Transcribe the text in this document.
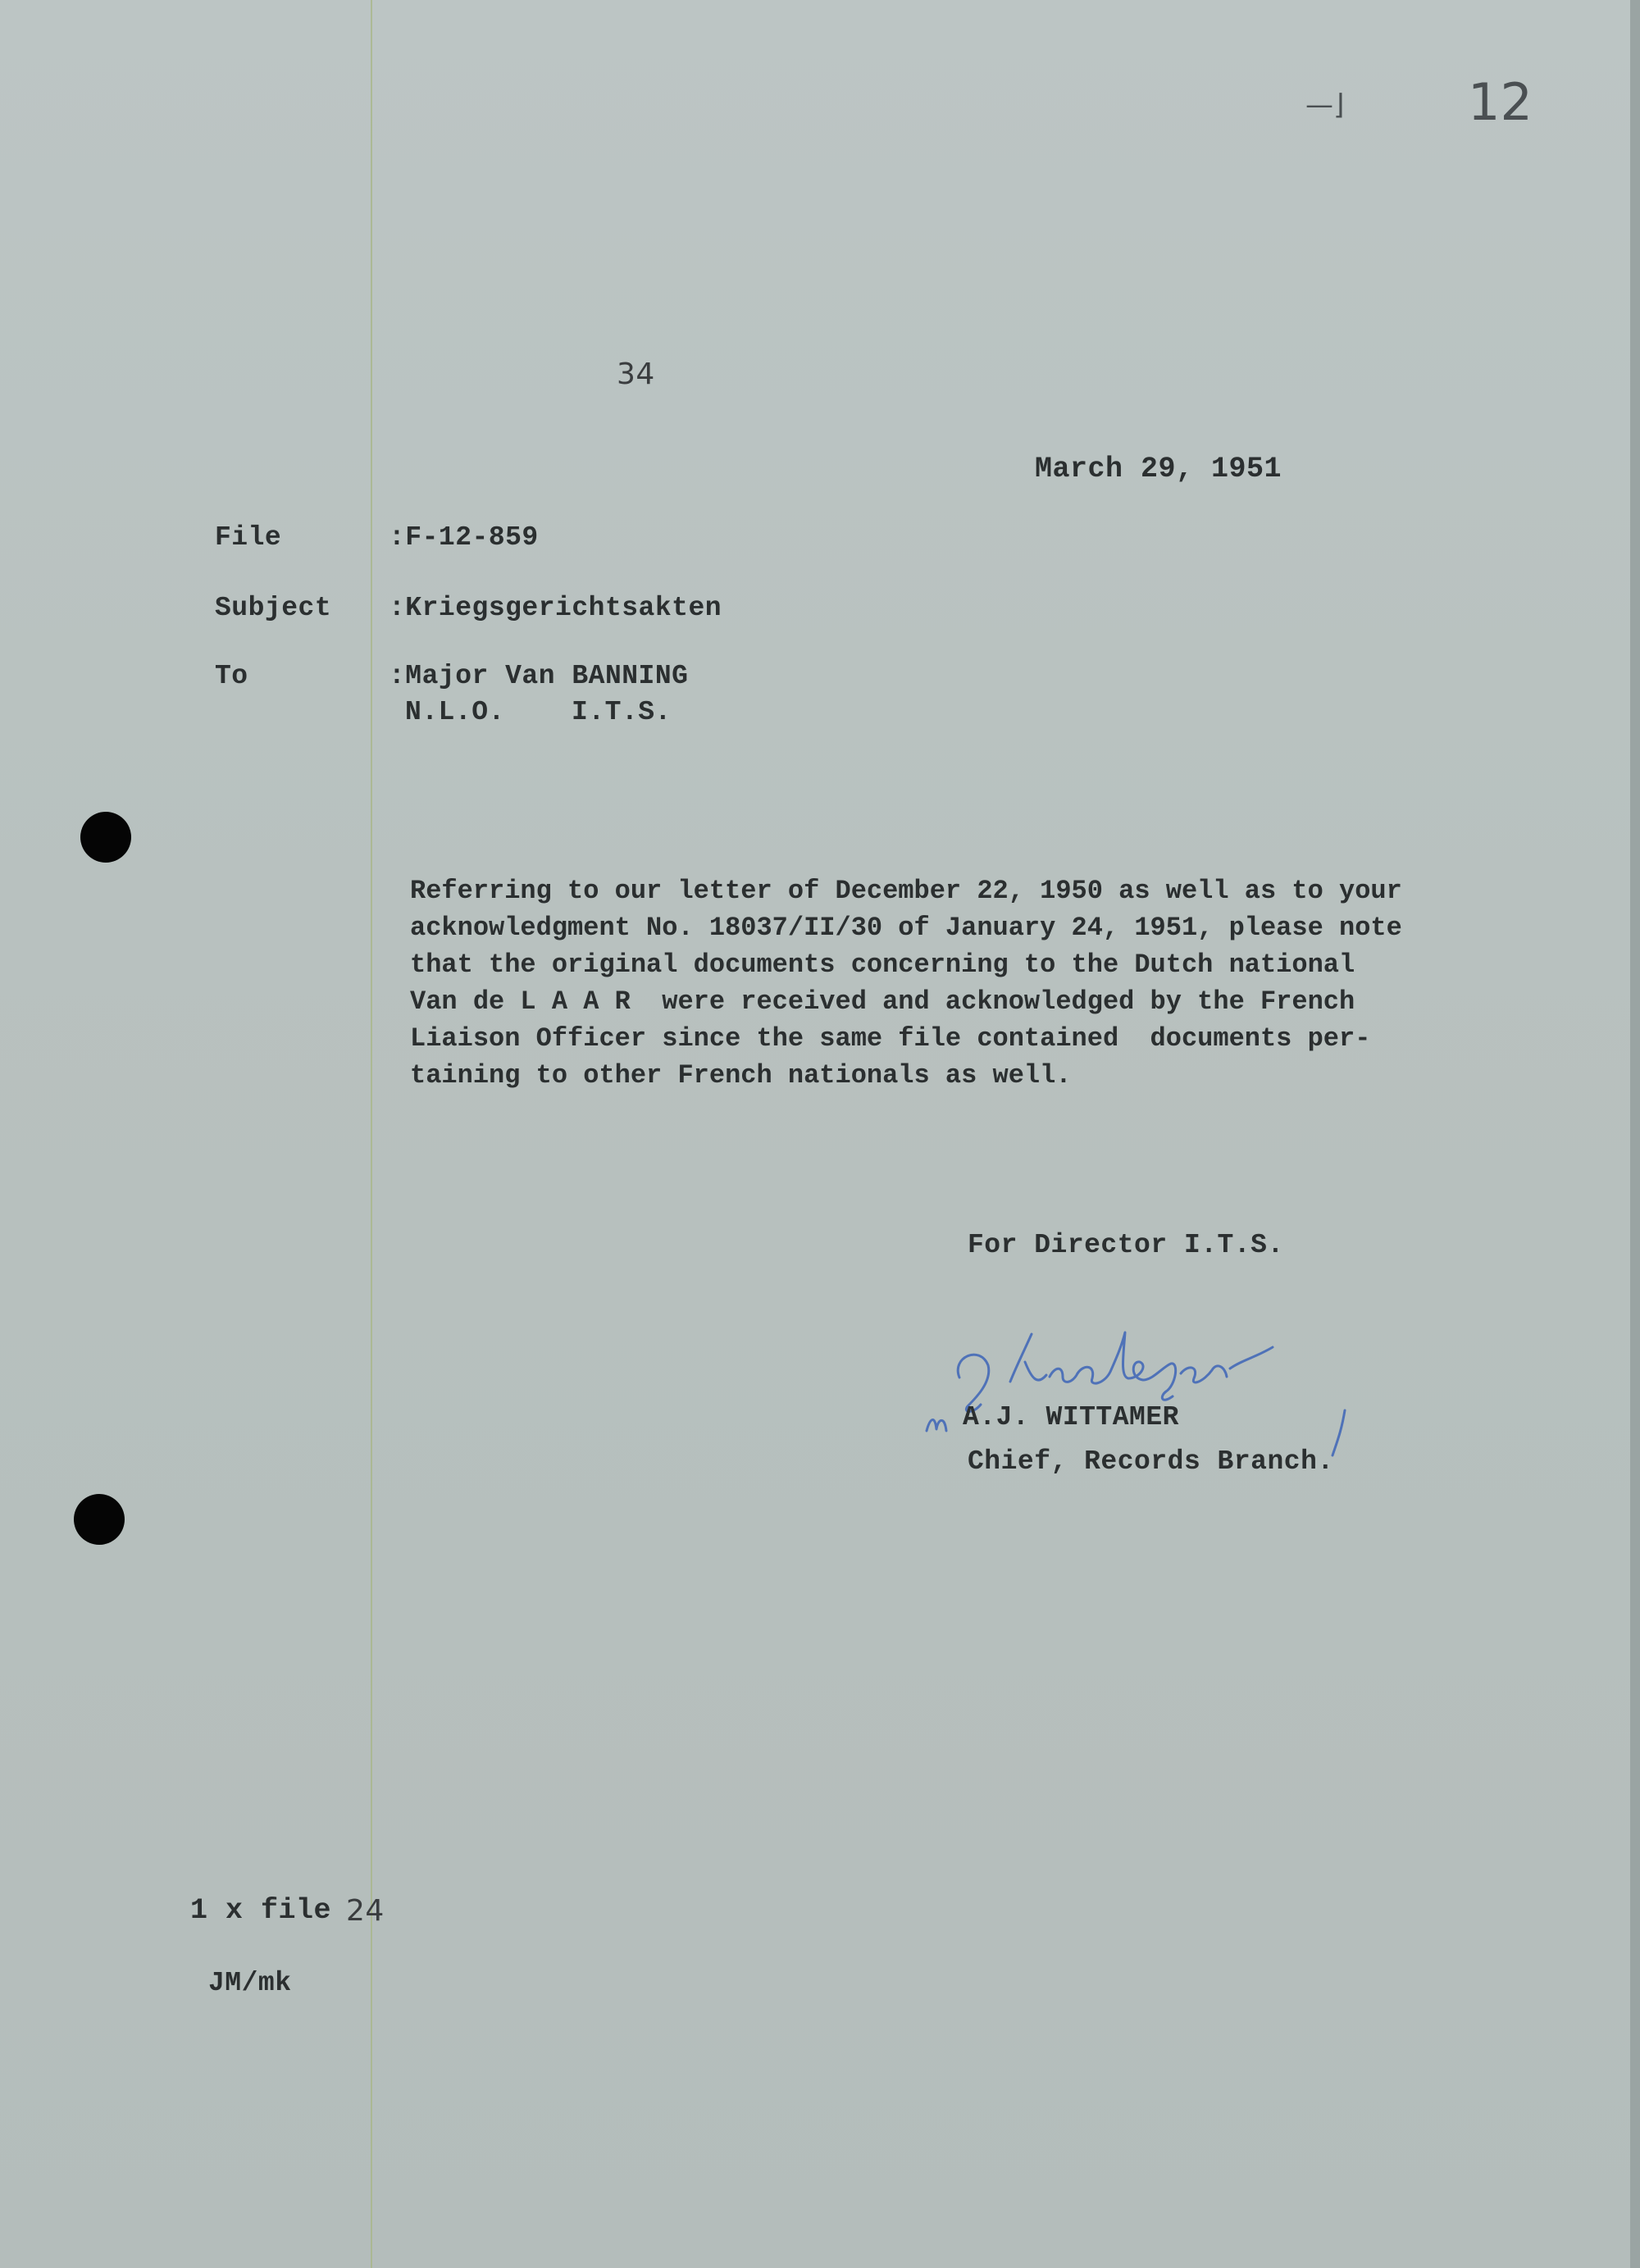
—⌋ 12
34
March 29, 1951
File	:F-12-859
Subject :Kriegsgerichtsakten
To	:Major Van BANNING
N.L.O.    I.T.S.
Referring to our letter of December 22, 1950 as well as to your
acknowledgment No. 18037/II/30 of January 24, 1951, please note
that the original documents concerning to the Dutch national
Van de L A A R  were received and acknowledged by the French
Liaison Officer since the same file contained  documents per-
taining to other French nationals as well.
For Director I.T.S.
A.J. WITTAMER
Chief, Records Branch.
1 x file 24
JM/mk
